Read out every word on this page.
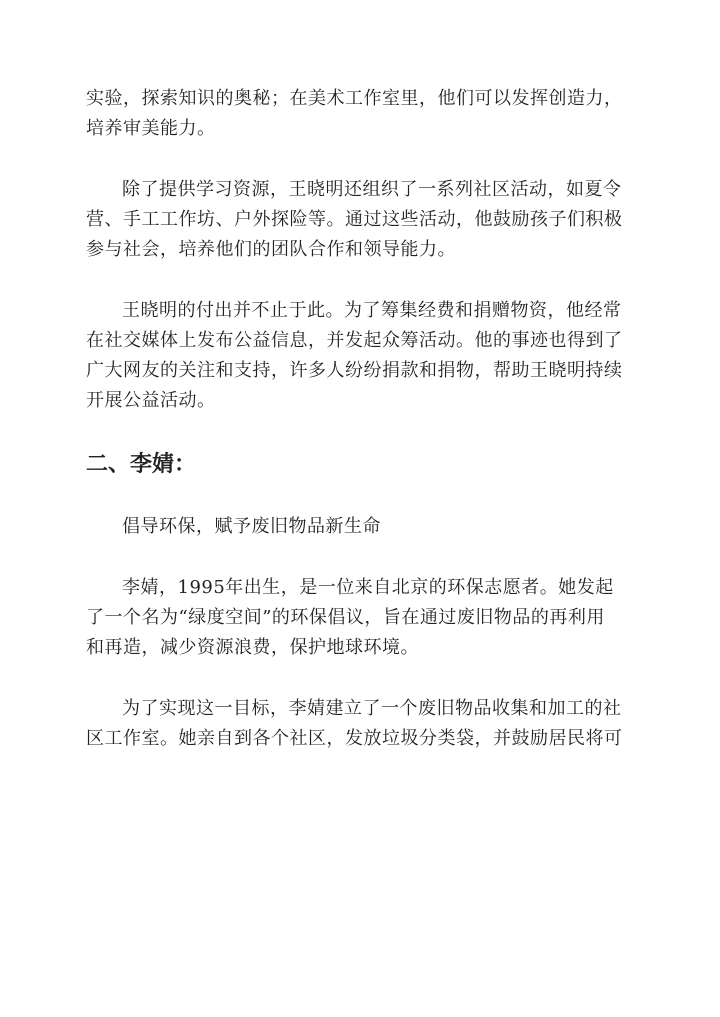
实验，探索知识的奥秘；在美术工作室里，他们可以发挥创造力，
培养审美能力。
除了提供学习资源，王晓明还组织了一系列社区活动，如夏令
营、手工工作坊、户外探险等。通过这些活动，他鼓励孩子们积极
参与社会，培养他们的团队合作和领导能力。
王晓明的付出并不止于此。为了筹集经费和捐赠物资，他经常
在社交媒体上发布公益信息，并发起众筹活动。他的事迹也得到了
广大网友的关注和支持，许多人纷纷捐款和捐物，帮助王晓明持续
开展公益活动。
二、李婧：
倡导环保，赋予废旧物品新生命
李婧，1995年出生，是一位来自北京的环保志愿者。她发起
了一个名为“绿度空间”的环保倡议，旨在通过废旧物品的再利用
和再造，减少资源浪费，保护地球环境。
为了实现这一目标，李婧建立了一个废旧物品收集和加工的社
区工作室。她亲自到各个社区，发放垃圾分类袋，并鼓励居民将可
